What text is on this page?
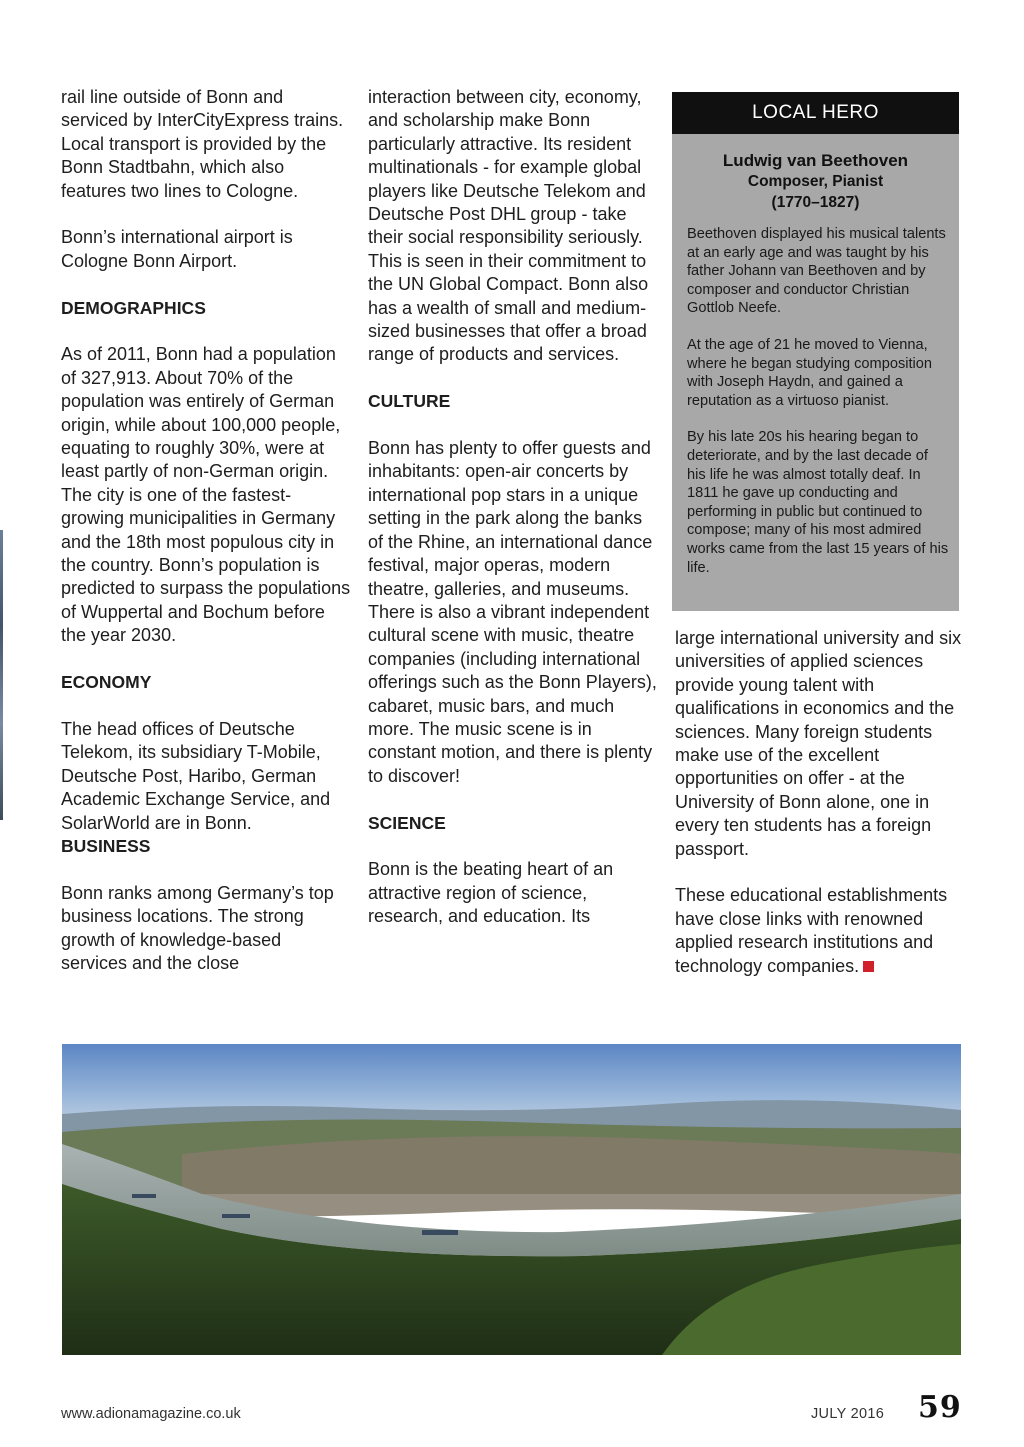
rail line outside of Bonn and serviced by InterCityExpress trains. Local transport is provided by the Bonn Stadtbahn, which also features two lines to Cologne.

Bonn’s international airport is Cologne Bonn Airport.

DEMOGRAPHICS

As of 2011, Bonn had a population of 327,913. About 70% of the population was entirely of German origin, while about 100,000 people, equating to roughly 30%, were at least partly of non-German origin. The city is one of the fastest-growing municipalities in Germany and the 18th most populous city in the country. Bonn’s population is predicted to surpass the populations of Wuppertal and Bochum before the year 2030.

ECONOMY

The head offices of Deutsche Telekom, its subsidiary T-Mobile, Deutsche Post, Haribo, German Academic Exchange Service, and SolarWorld are in Bonn.

BUSINESS

Bonn ranks among Germany’s top business locations. The strong growth of knowledge-based services and the close

interaction between city, economy, and scholarship make Bonn particularly attractive. Its resident multinationals - for example global players like Deutsche Telekom and Deutsche Post DHL group - take their social responsibility seriously. This is seen in their commitment to the UN Global Compact. Bonn also has a wealth of small and medium-sized businesses that offer a broad range of products and services.

CULTURE

Bonn has plenty to offer guests and inhabitants: open-air concerts by international pop stars in a unique setting in the park along the banks of the Rhine, an international dance festival, major operas, modern theatre, galleries, and museums. There is also a vibrant independent cultural scene with music, theatre companies (including international offerings such as the Bonn Players), cabaret, music bars, and much more. The music scene is in constant motion, and there is plenty to discover!

SCIENCE

Bonn is the beating heart of an attractive region of science, research, and education. Its

LOCAL HERO
Ludwig van Beethoven
Composer, Pianist
(1770–1827)

Beethoven displayed his musical talents at an early age and was taught by his father Johann van Beethoven and by composer and conductor Christian Gottlob Neefe.

At the age of 21 he moved to Vienna, where he began studying composition with Joseph Haydn, and gained a reputation as a virtuoso pianist.

By his late 20s his hearing began to deteriorate, and by the last decade of his life he was almost totally deaf. In 1811 he gave up conducting and performing in public but continued to compose; many of his most admired works came from the last 15 years of his life.

large international university and six universities of applied sciences provide young talent with qualifications in economics and the sciences. Many foreign students make use of the excellent opportunities on offer - at the University of Bonn alone, one in every ten students has a foreign passport.

These educational establishments have close links with renowned applied research institutions and technology companies.

www.adionamagazine.co.uk	JULY 2016 59
